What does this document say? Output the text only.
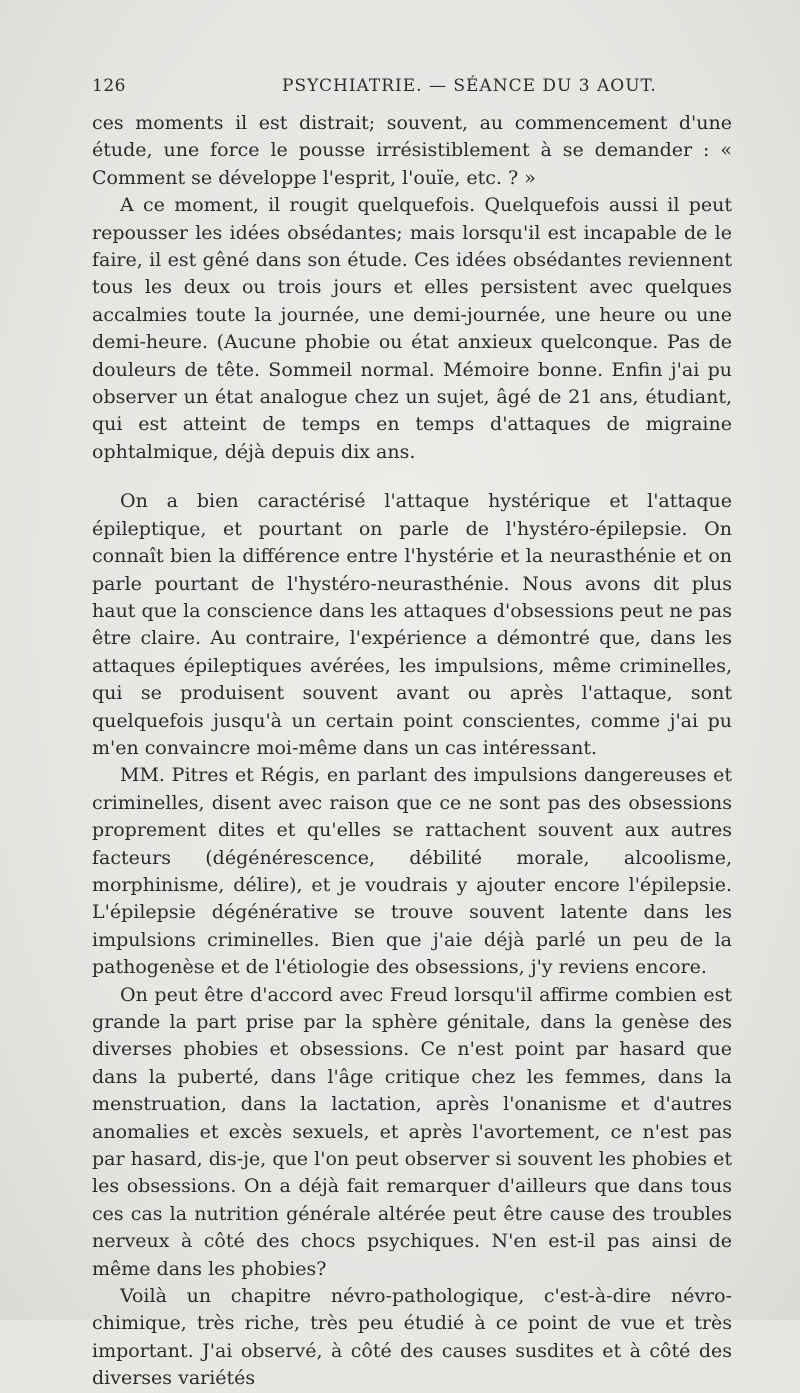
126	PSYCHIATRIE. — SÉANCE DU 3 AOUT.

ces moments il est distrait; souvent, au commencement d'une étude, une force le pousse irrésistiblement à se demander : « Comment se développe l'esprit, l'ouïe, etc. ? »

A ce moment, il rougit quelquefois. Quelquefois aussi il peut repousser les idées obsédantes; mais lorsqu'il est incapable de le faire, il est gêné dans son étude. Ces idées obsédantes reviennent tous les deux ou trois jours et elles persistent avec quelques accalmies toute la journée, une demi-journée, une heure ou une demi-heure. (Aucune phobie ou état anxieux quelconque. Pas de douleurs de tête. Sommeil normal. Mémoire bonne. Enfin j'ai pu observer un état analogue chez un sujet, âgé de 21 ans, étudiant, qui est atteint de temps en temps d'attaques de migraine ophtalmique, déjà depuis dix ans.

On a bien caractérisé l'attaque hystérique et l'attaque épileptique, et pourtant on parle de l'hystéro-épilepsie. On connaît bien la différence entre l'hystérie et la neurasthénie et on parle pourtant de l'hystéro-neurasthénie. Nous avons dit plus haut que la conscience dans les attaques d'obsessions peut ne pas être claire. Au contraire, l'expérience a démontré que, dans les attaques épileptiques avérées, les impulsions, même criminelles, qui se produisent souvent avant ou après l'attaque, sont quelquefois jusqu'à un certain point conscientes, comme j'ai pu m'en convaincre moi-même dans un cas intéressant.

MM. Pitres et Régis, en parlant des impulsions dangereuses et criminelles, disent avec raison que ce ne sont pas des obsessions proprement dites et qu'elles se rattachent souvent aux autres facteurs (dégénérescence, débilité morale, alcoolisme, morphinisme, délire), et je voudrais y ajouter encore l'épilepsie. L'épilepsie dégénérative se trouve souvent latente dans les impulsions criminelles. Bien que j'aie déjà parlé un peu de la pathogenèse et de l'étiologie des obsessions, j'y reviens encore.

On peut être d'accord avec Freud lorsqu'il affirme combien est grande la part prise par la sphère génitale, dans la genèse des diverses phobies et obsessions. Ce n'est point par hasard que dans la puberté, dans l'âge critique chez les femmes, dans la menstruation, dans la lactation, après l'onanisme et d'autres anomalies et excès sexuels, et après l'avortement, ce n'est pas par hasard, dis-je, que l'on peut observer si souvent les phobies et les obsessions. On a déjà fait remarquer d'ailleurs que dans tous ces cas la nutrition générale altérée peut être cause des troubles nerveux à côté des chocs psychiques. N'en est-il pas ainsi de même dans les phobies?

Voilà un chapitre névro-pathologique, c'est-à-dire névro-chimique, très riche, très peu étudié à ce point de vue et très important. J'ai observé, à côté des causes susdites et à côté des diverses variétés
